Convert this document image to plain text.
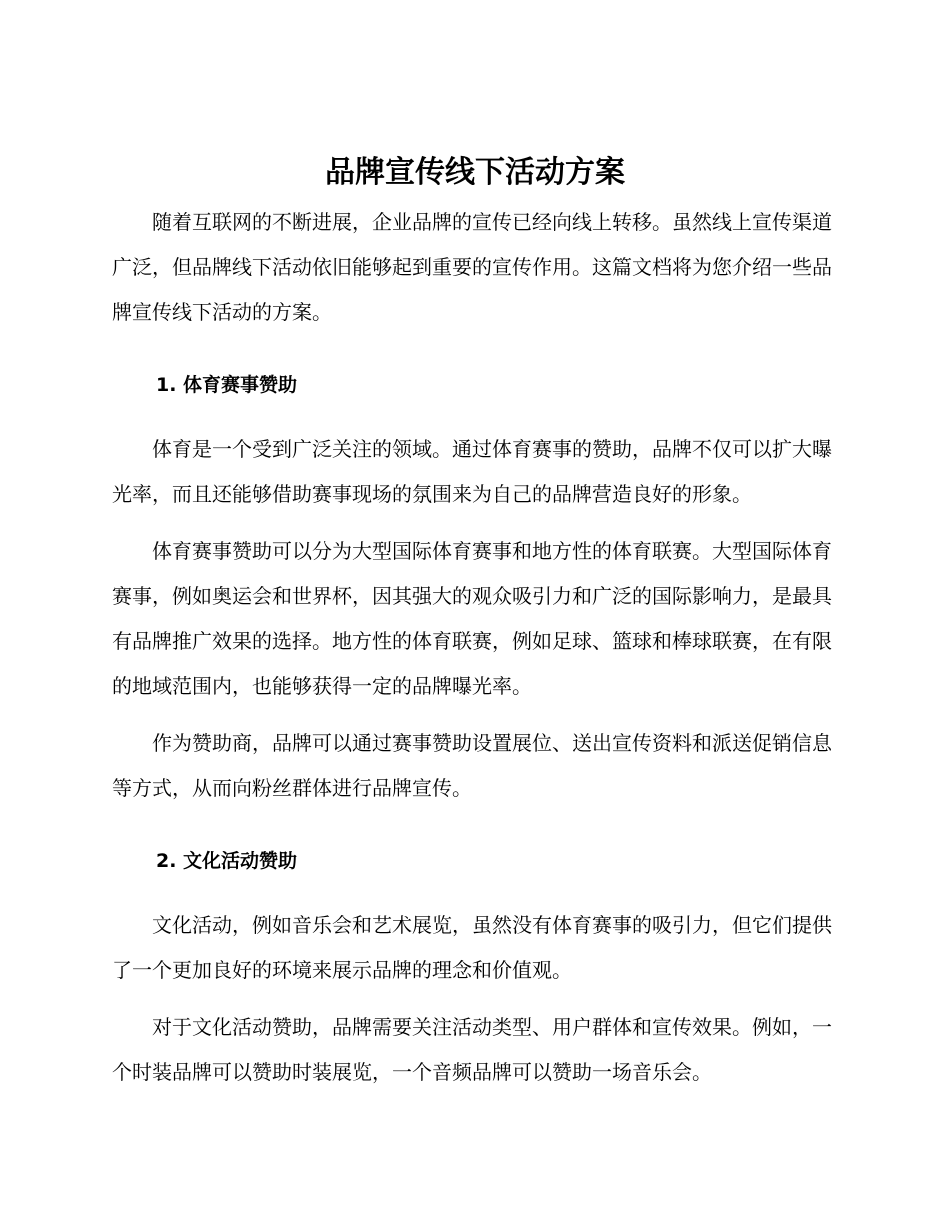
品牌宣传线下活动方案

随着互联网的不断进展，企业品牌的宣传已经向线上转移。虽然线上宣传渠道广泛，但品牌线下活动依旧能够起到重要的宣传作用。这篇文档将为您介绍一些品牌宣传线下活动的方案。

1. 体育赛事赞助

体育是一个受到广泛关注的领域。通过体育赛事的赞助，品牌不仅可以扩大曝光率，而且还能够借助赛事现场的氛围来为自己的品牌营造良好的形象。

体育赛事赞助可以分为大型国际体育赛事和地方性的体育联赛。大型国际体育赛事，例如奥运会和世界杯，因其强大的观众吸引力和广泛的国际影响力，是最具有品牌推广效果的选择。地方性的体育联赛，例如足球、篮球和棒球联赛，在有限的地域范围内，也能够获得一定的品牌曝光率。

作为赞助商，品牌可以通过赛事赞助设置展位、送出宣传资料和派送促销信息等方式，从而向粉丝群体进行品牌宣传。

2. 文化活动赞助

文化活动，例如音乐会和艺术展览，虽然没有体育赛事的吸引力，但它们提供了一个更加良好的环境来展示品牌的理念和价值观。

对于文化活动赞助，品牌需要关注活动类型、用户群体和宣传效果。例如，一个时装品牌可以赞助时装展览，一个音频品牌可以赞助一场音乐会。
